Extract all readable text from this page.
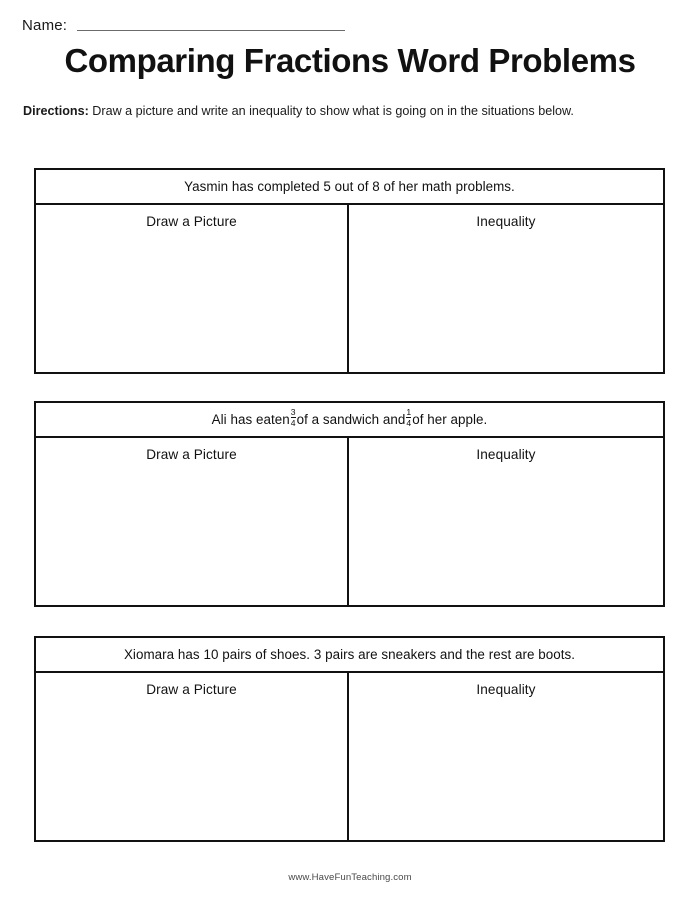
Name:
Comparing Fractions Word Problems
Directions: Draw a picture and write an inequality to show what is going on in the situations below.
Yasmin has completed 5 out of 8 of her math problems.
Draw a Picture	Inequality
Ali has eaten $\frac{3}{4}$ of a sandwich and $\frac{1}{4}$ of her apple.
Draw a Picture	Inequality
Xiomara has 10 pairs of shoes. 3 pairs are sneakers and the rest are boots.
Draw a Picture	Inequality
www.HaveFunTeaching.com
